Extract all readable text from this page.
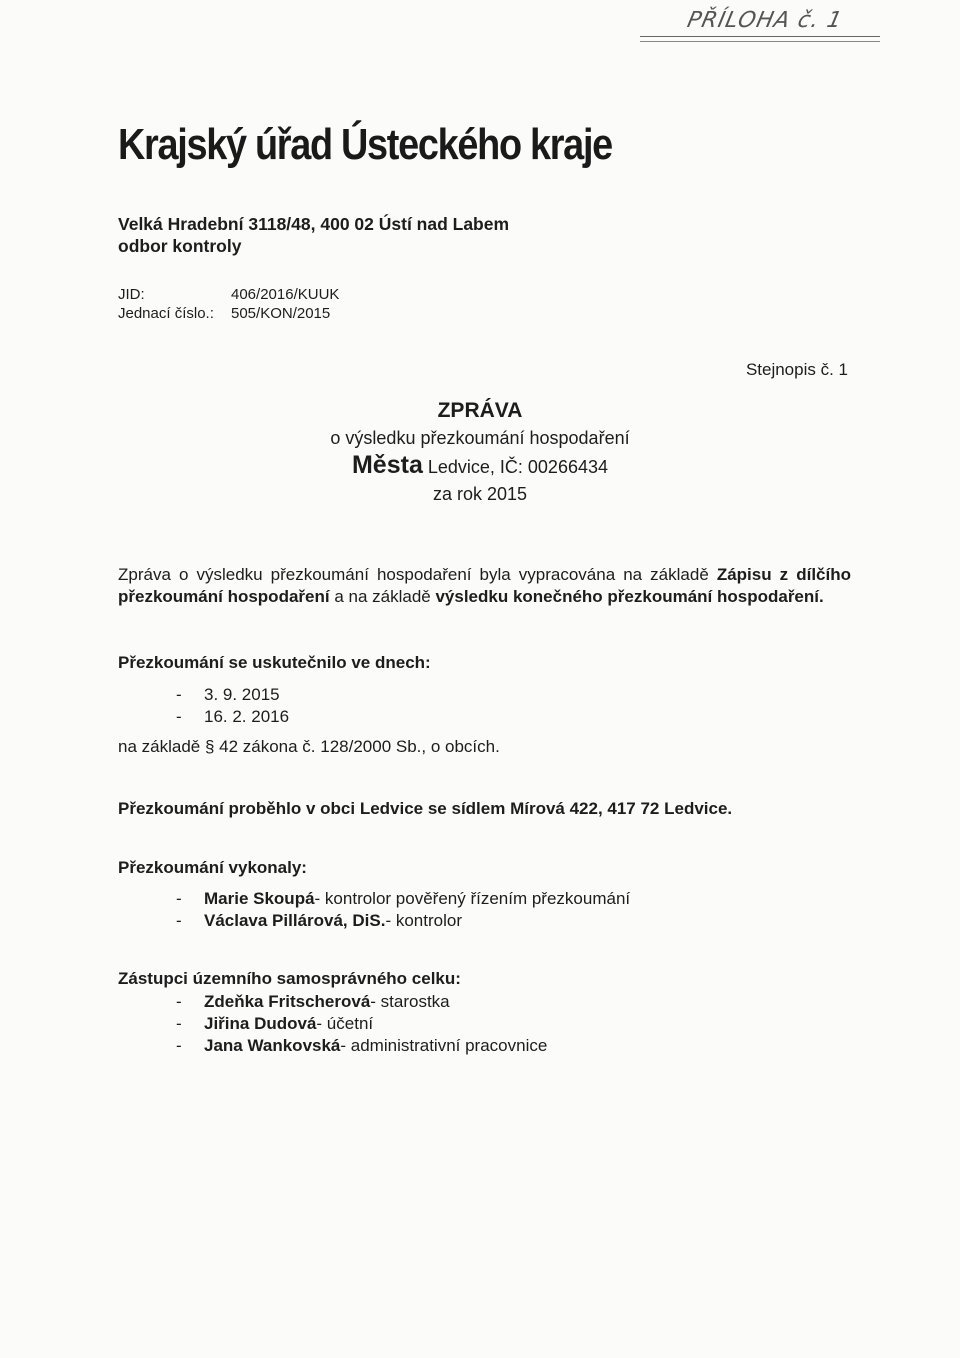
PŘÍLOHA č. 1
Krajský úřad Ústeckého kraje
Velká Hradební 3118/48, 400 02 Ústí nad Labem
odbor kontroly
JID:	406/2016/KUUK
Jednací číslo.:	505/KON/2015
Stejnopis č. 1
ZPRÁVA
o výsledku přezkoumání hospodaření
Města Ledvice, IČ: 00266434
za rok 2015
Zpráva o výsledku přezkoumání hospodaření byla vypracována na základě Zápisu z dílčího přezkoumání hospodaření a na základě výsledku konečného přezkoumání hospodaření.
Přezkoumání se uskutečnilo ve dnech:
-	3. 9. 2015
-	16. 2. 2016
na základě § 42 zákona č. 128/2000 Sb., o obcích.
Přezkoumání proběhlo v obci Ledvice se sídlem Mírová 422, 417 72 Ledvice.
Přezkoumání vykonaly:
-	Marie Skoupá - kontrolor pověřený řízením přezkoumání
-	Václava Pillárová, DiS. - kontrolor
Zástupci územního samosprávného celku:
-	Zdeňka Fritscherová - starostka
-	Jiřina Dudová - účetní
-	Jana Wankovská - administrativní pracovnice
